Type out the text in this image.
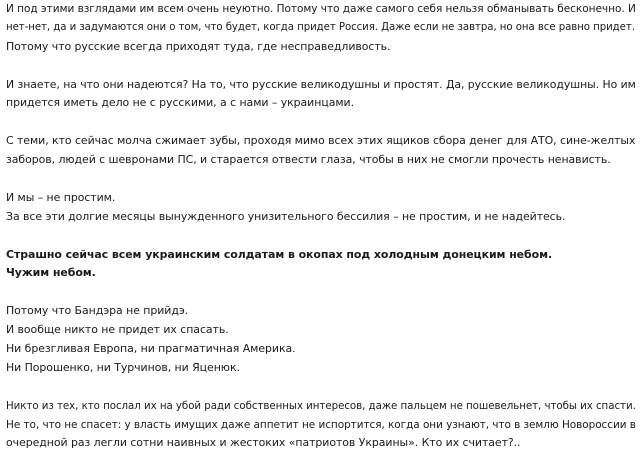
И под этими взглядами им всем очень неуютно. Потому что даже самого себя нельзя обманывать бесконечно. И
нет-нет, да и задумаются они о том, что будет, когда придет Россия. Даже если не завтра, но она все равно придет.
Потому что русские всегда приходят туда, где несправедливость.
И знаете, на что они надеются? На то, что русские великодушны и простят. Да, русские великодушны. Но им
придется иметь дело не с русскими, а с нами – украинцами.
С теми, кто сейчас молча сжимает зубы, проходя мимо всех этих ящиков сбора денег для АТО, сине-желтых
заборов, людей с шевронами ПС, и старается отвести глаза, чтобы в них не смогли прочесть ненависть.
И мы – не простим.
За все эти долгие месяцы вынужденного унизительного бессилия – не простим, и не надейтесь.
Страшно сейчас всем украинским солдатам в окопах под холодным донецким небом.
Чужим небом.
Потому что Бандэра не прийдэ.
И вообще никто не придет их спасать.
Ни брезгливая Европа, ни прагматичная Америка.
Ни Порошенко, ни Турчинов, ни Яценюк.
Никто из тех, кто послал их на убой ради собственных интересов, даже пальцем не пошевельнет, чтобы их спасти.
Не то, что не спасет: у власть имущих даже аппетит не испортится, когда они узнают, что в землю Новороссии в
очередной раз легли сотни наивных и жестоких «патриотов Украины». Кто их считает?..
